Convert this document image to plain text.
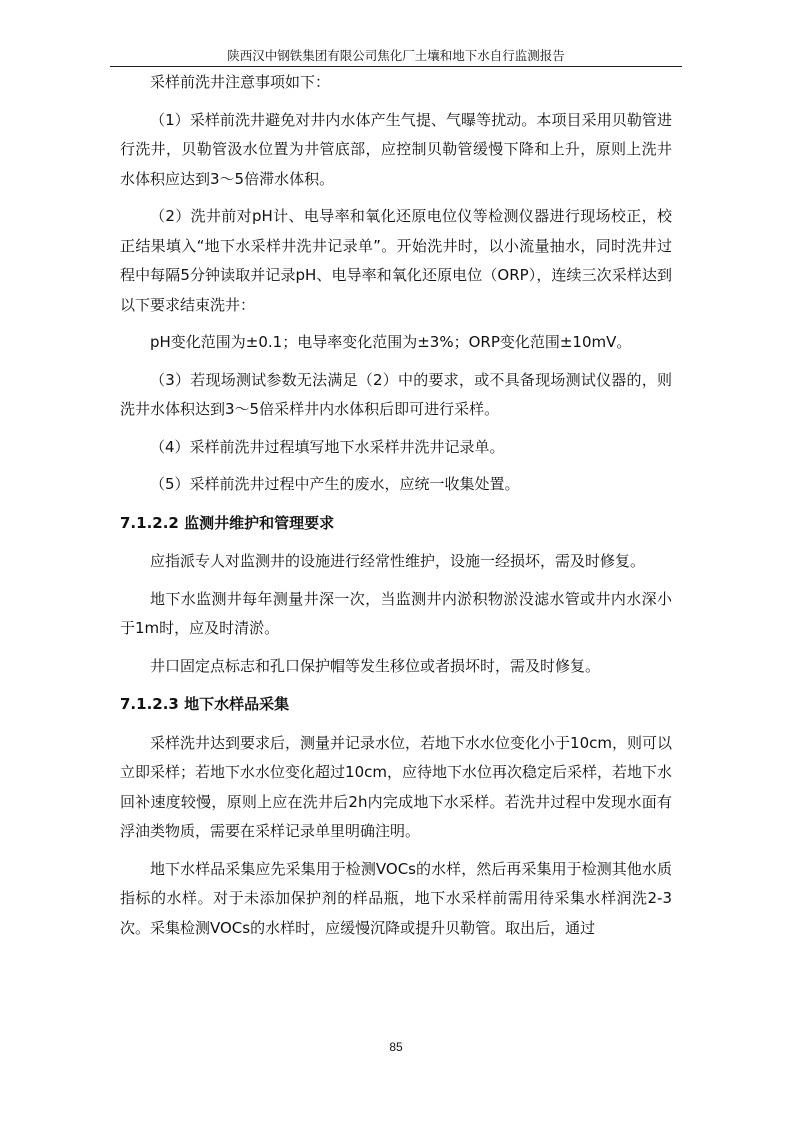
陕西汉中钢铁集团有限公司焦化厂土壤和地下水自行监测报告

采样前洗井注意事项如下：

（1）采样前洗井避免对井内水体产生气提、气曝等扰动。本项目采用贝勒管进行洗井，贝勒管汲水位置为井管底部，应控制贝勒管缓慢下降和上升，原则上洗井水体积应达到3～5倍滞水体积。

（2）洗井前对pH计、电导率和氧化还原电位仪等检测仪器进行现场校正，校正结果填入“地下水采样井洗井记录单”。开始洗井时，以小流量抽水，同时洗井过程中每隔5分钟读取并记录pH、电导率和氧化还原电位（ORP），连续三次采样达到以下要求结束洗井：

pH变化范围为±0.1；电导率变化范围为±3%；ORP变化范围±10mV。

（3）若现场测试参数无法满足（2）中的要求，或不具备现场测试仪器的，则洗井水体积达到3～5倍采样井内水体积后即可进行采样。

（4）采样前洗井过程填写地下水采样井洗井记录单。

（5）采样前洗井过程中产生的废水，应统一收集处置。

7.1.2.2 监测井维护和管理要求

应指派专人对监测井的设施进行经常性维护，设施一经损坏，需及时修复。

地下水监测井每年测量井深一次，当监测井内淤积物淤没滤水管或井内水深小于1m时，应及时清淤。

井口固定点标志和孔口保护帽等发生移位或者损坏时，需及时修复。

7.1.2.3 地下水样品采集

采样洗井达到要求后，测量并记录水位，若地下水水位变化小于10cm，则可以立即采样；若地下水水位变化超过10cm，应待地下水位再次稳定后采样，若地下水回补速度较慢，原则上应在洗井后2h内完成地下水采样。若洗井过程中发现水面有浮油类物质，需要在采样记录单里明确注明。

地下水样品采集应先采集用于检测VOCs的水样，然后再采集用于检测其他水质指标的水样。对于未添加保护剂的样品瓶，地下水采样前需用待采集水样润洗2-3次。采集检测VOCs的水样时，应缓慢沉降或提升贝勒管。取出后，通过

85
